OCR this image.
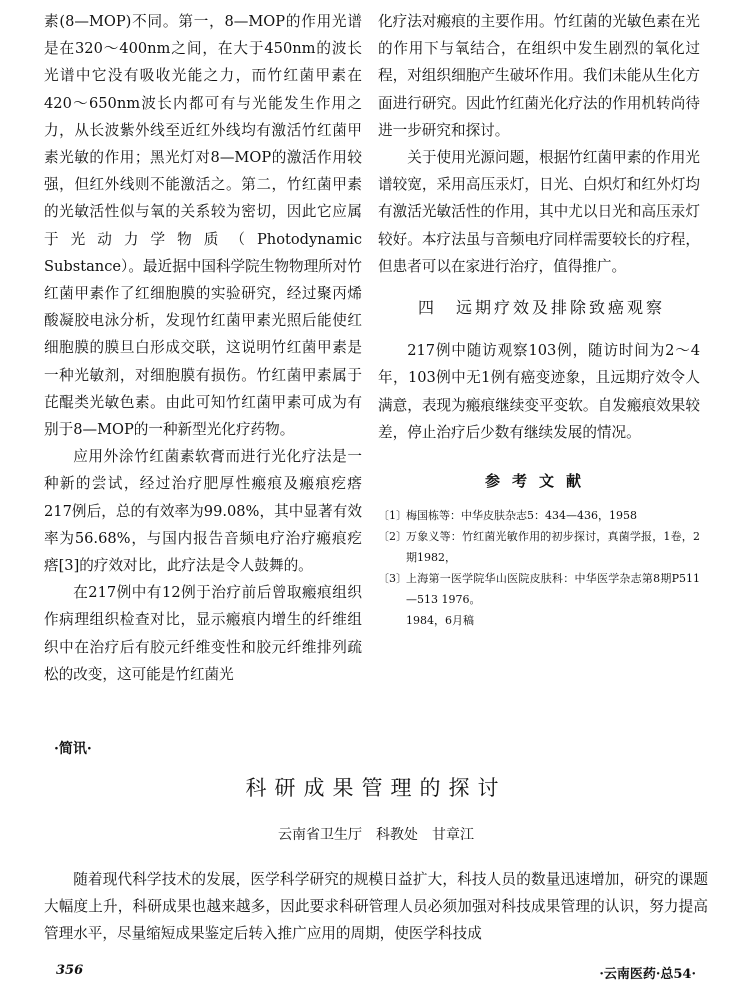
素(8—MOP)不同。第一，8—MOP的作用光谱是在320～400nm之间，在大于450nm的波长光谱中它没有吸收光能之力，而竹红菌甲素在420～650nm波长内都可有与光能发生作用之力，从长波紫外线至近红外线均有激活竹红菌甲素光敏的作用；黑光灯对8—MOP的激活作用较强，但红外线则不能激活之。第二，竹红菌甲素的光敏活性似与氧的关系较为密切，因此它应属于光动力学物质（Photodynamic Substance）。最近据中国科学院生物物理所对竹红菌甲素作了红细胞膜的实验研究，经过聚丙烯酸凝胶电泳分析，发现竹红菌甲素光照后能使红细胞膜的膜旦白形成交联，这说明竹红菌甲素是一种光敏剂，对细胞膜有损伤。竹红菌甲素属于芘醌类光敏色素。由此可知竹红菌甲素可成为有别于8—MOP的一种新型光化疗药物。

应用外涂竹红菌素软膏而进行光化疗法是一种新的尝试，经过治疗肥厚性瘢痕及瘢痕疙瘩217例后，总的有效率为99.08%，其中显著有效率为56.68%，与国内报告音频电疗治疗瘢痕疙瘩[3]的疗效对比，此疗法是令人鼓舞的。

在217例中有12例于治疗前后曾取瘢痕组织作病理组织检查对比，显示瘢痕内增生的纤维组织中在治疗后有胶元纤维变性和胶元纤维排列疏松的改变，这可能是竹红菌光

化疗法对瘢痕的主要作用。竹红菌的光敏色素在光的作用下与氧结合，在组织中发生剧烈的氧化过程，对组织细胞产生破坏作用。我们未能从生化方面进行研究。因此竹红菌光化疗法的作用机转尚待进一步研究和探讨。

关于使用光源问题，根据竹红菌甲素的作用光谱较宽，采用高压汞灯，日光、白炽灯和红外灯均有激活光敏活性的作用，其中尤以日光和高压汞灯较好。本疗法虽与音频电疗同样需要较长的疗程，但患者可以在家进行治疗，值得推广。

四　远期疗效及排除致癌观察

217例中随访观察103例，随访时间为2～4年，103例中无1例有癌变迹象，且远期疗效令人满意，表现为瘢痕继续变平变软。自发瘢痕效果较差，停止治疗后少数有继续发展的情况。

参考文献
〔1〕 梅国栋等：中华皮肤杂志5：434—436，1958
〔2〕 万象义等：竹红菌光敏作用的初步探讨，真菌学报，1卷，2期1982，
〔3〕 上海第一医学院华山医院皮肤科：中华医学杂志第8期P511—513 1976。
1984，6月稿
·简讯·
科研成果管理的探讨
云南省卫生厅　科教处　甘章江

随着现代科学技术的发展，医学科学研究的规模日益扩大，科技人员的数量迅速增加，研究的课题大幅度上升，科研成果也越来越多，因此要求科研管理人员必须加强对科技成果管理的认识，努力提高管理水平，尽量缩短成果鉴定后转入推广应用的周期，使医学科技成

356	·云南医药·总54·
